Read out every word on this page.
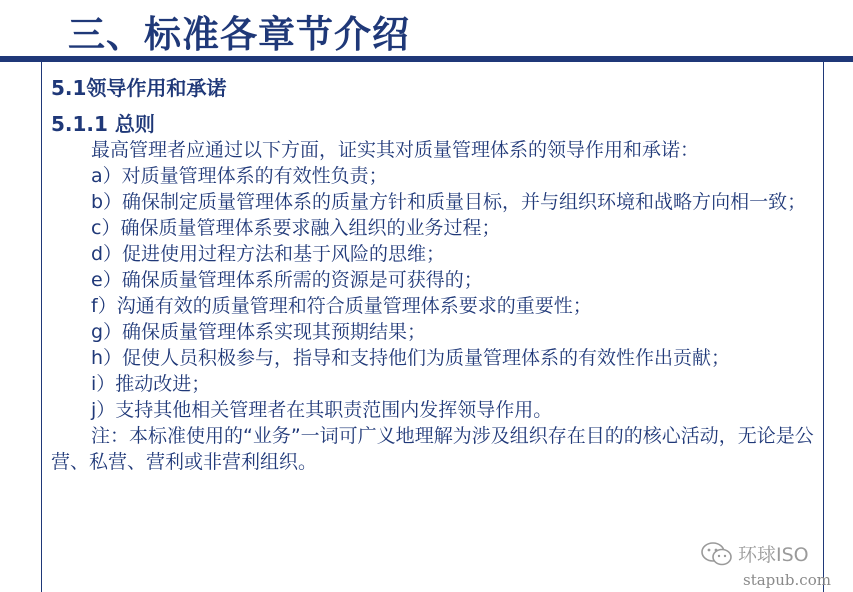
三、标准各章节介绍
5.1领导作用和承诺
5.1.1 总则

最高管理者应通过以下方面，证实其对质量管理体系的领导作用和承诺：

a）对质量管理体系的有效性负责；

b）确保制定质量管理体系的质量方针和质量目标，并与组织环境和战略方向相一致；

c）确保质量管理体系要求融入组织的业务过程；

d）促进使用过程方法和基于风险的思维；

e）确保质量管理体系所需的资源是可获得的；

f）沟通有效的质量管理和符合质量管理体系要求的重要性；

g）确保质量管理体系实现其预期结果；

h）促使人员积极参与，指导和支持他们为质量管理体系的有效性作出贡献；

i）推动改进；

j）支持其他相关管理者在其职责范围内发挥领导作用。

注：本标准使用的“业务”一词可广义地理解为涉及组织存在目的的核心活动，无论是公营、私营、营利或非营利组织。

环球ISO
stapub.com
